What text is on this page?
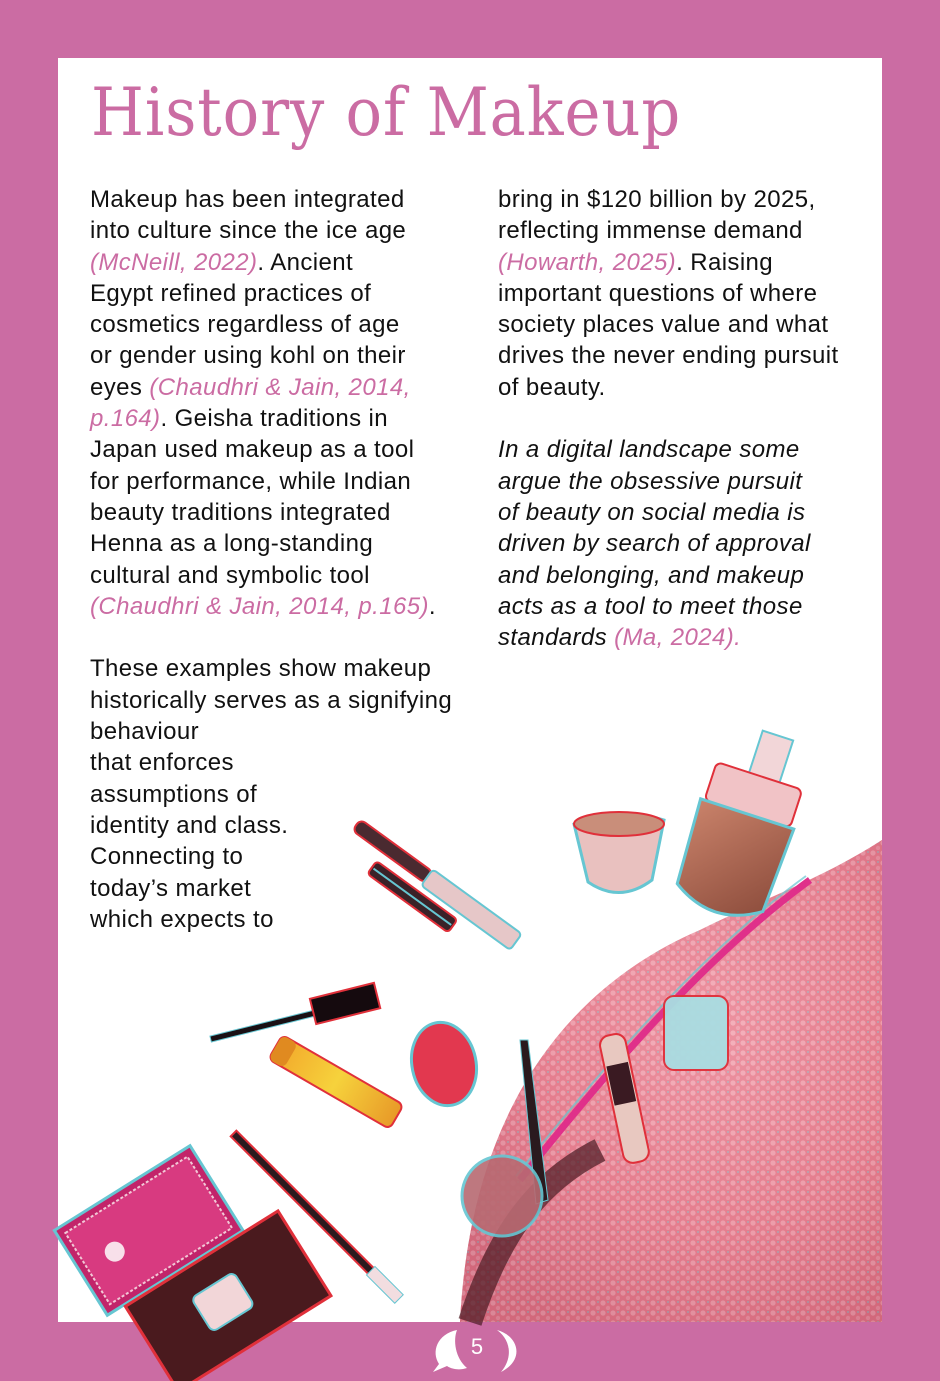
History of Makeup

Makeup has been integrated
into culture since the ice age
(McNeill, 2022). Ancient
Egypt refined practices of
cosmetics regardless of age
or gender using kohl on their
eyes (Chaudhri & Jain, 2014,
p.164). Geisha traditions in
Japan used makeup as a tool
for performance, while Indian
beauty traditions integrated
Henna as a long-standing
cultural and symbolic tool
(Chaudhri & Jain, 2014, p.165).

These examples show makeup
historically serves as a signifying
behaviour
that enforces
assumptions of
identity and class.
Connecting to
today’s market
which expects to

bring in $120 billion by 2025,
reflecting immense demand
(Howarth, 2025). Raising
important questions of where
society places value and what
drives the never ending pursuit
of beauty.

In a digital landscape some
argue the obsessive pursuit
of beauty on social media is
driven by search of approval
and belonging, and makeup
acts as a tool to meet those
standards (Ma, 2024).

5
